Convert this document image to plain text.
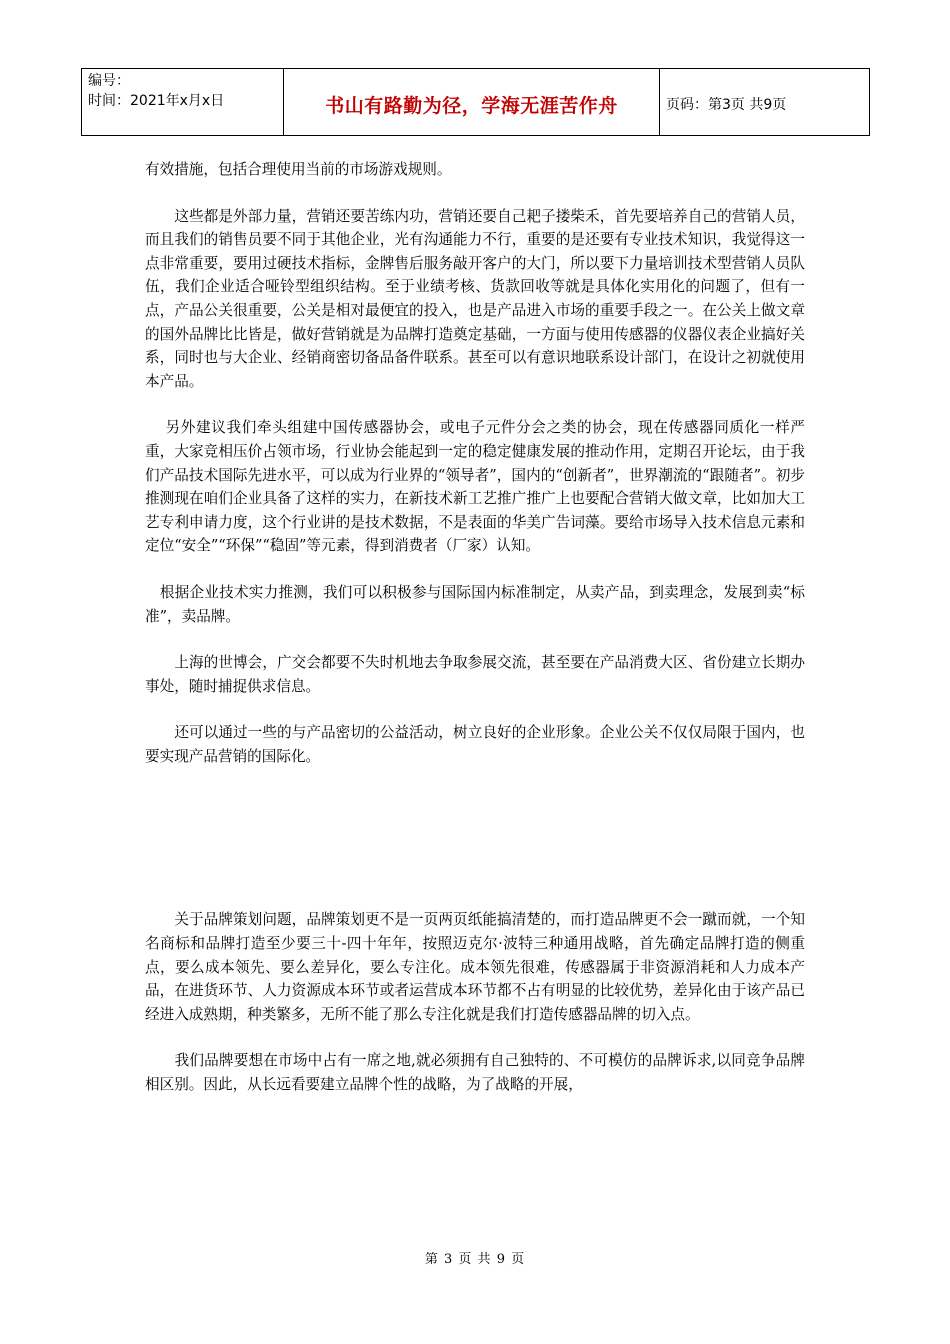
编号：
时间：2021年x月x日	书山有路勤为径，学海无涯苦作舟	页码：第3页 共9页

有效措施，包括合理使用当前的市场游戏规则。

　　这些都是外部力量，营销还要苦练内功，营销还要自己耙子搂柴禾，首先要培养自己的营销人员，而且我们的销售员要不同于其他企业，光有沟通能力不行，重要的是还要有专业技术知识，我觉得这一点非常重要，要用过硬技术指标，金牌售后服务敲开客户的大门，所以要下力量培训技术型营销人员队伍，我们企业适合哑铃型组织结构。至于业绩考核、货款回收等就是具体化实用化的问题了，但有一点，产品公关很重要，公关是相对最便宜的投入，也是产品进入市场的重要手段之一。在公关上做文章的国外品牌比比皆是，做好营销就是为品牌打造奠定基础，一方面与使用传感器的仪器仪表企业搞好关系，同时也与大企业、经销商密切备品备件联系。甚至可以有意识地联系设计部门，在设计之初就使用本产品。

　 另外建议我们牵头组建中国传感器协会，或电子元件分会之类的协会，现在传感器同质化一样严重，大家竞相压价占领市场，行业协会能起到一定的稳定健康发展的推动作用，定期召开论坛，由于我们产品技术国际先进水平，可以成为行业界的“领导者”，国内的“创新者”，世界潮流的“跟随者”。初步推测现在咱们企业具备了这样的实力，在新技术新工艺推广推广上也要配合营销大做文章，比如加大工艺专利申请力度，这个行业讲的是技术数据，不是表面的华美广告词藻。要给市场导入技术信息元素和定位“安全”“环保”“稳固”等元素，得到消费者（厂家）认知。

　根据企业技术实力推测，我们可以积极参与国际国内标准制定，从卖产品，到卖理念，发展到卖“标准”，卖品牌。

　　上海的世博会，广交会都要不失时机地去争取参展交流，甚至要在产品消费大区、省份建立长期办事处，随时捕捉供求信息。

　　还可以通过一些的与产品密切的公益活动，树立良好的企业形象。企业公关不仅仅局限于国内，也要实现产品营销的国际化。

　　关于品牌策划问题，品牌策划更不是一页两页纸能搞清楚的，而打造品牌更不会一蹴而就，一个知名商标和品牌打造至少要三十-四十年年，按照迈克尔·波特三种通用战略，首先确定品牌打造的侧重点，要么成本领先、要么差异化，要么专注化。成本领先很难，传感器属于非资源消耗和人力成本产品，在进货环节、人力资源成本环节或者运营成本环节都不占有明显的比较优势，差异化由于该产品已经进入成熟期，种类繁多，无所不能了那么专注化就是我们打造传感器品牌的切入点。

　　我们品牌要想在市场中占有一席之地,就必须拥有自己独特的、不可模仿的品牌诉求,以同竞争品牌相区别。因此，从长远看要建立品牌个性的战略，为了战略的开展，

第 3 页 共 9 页
